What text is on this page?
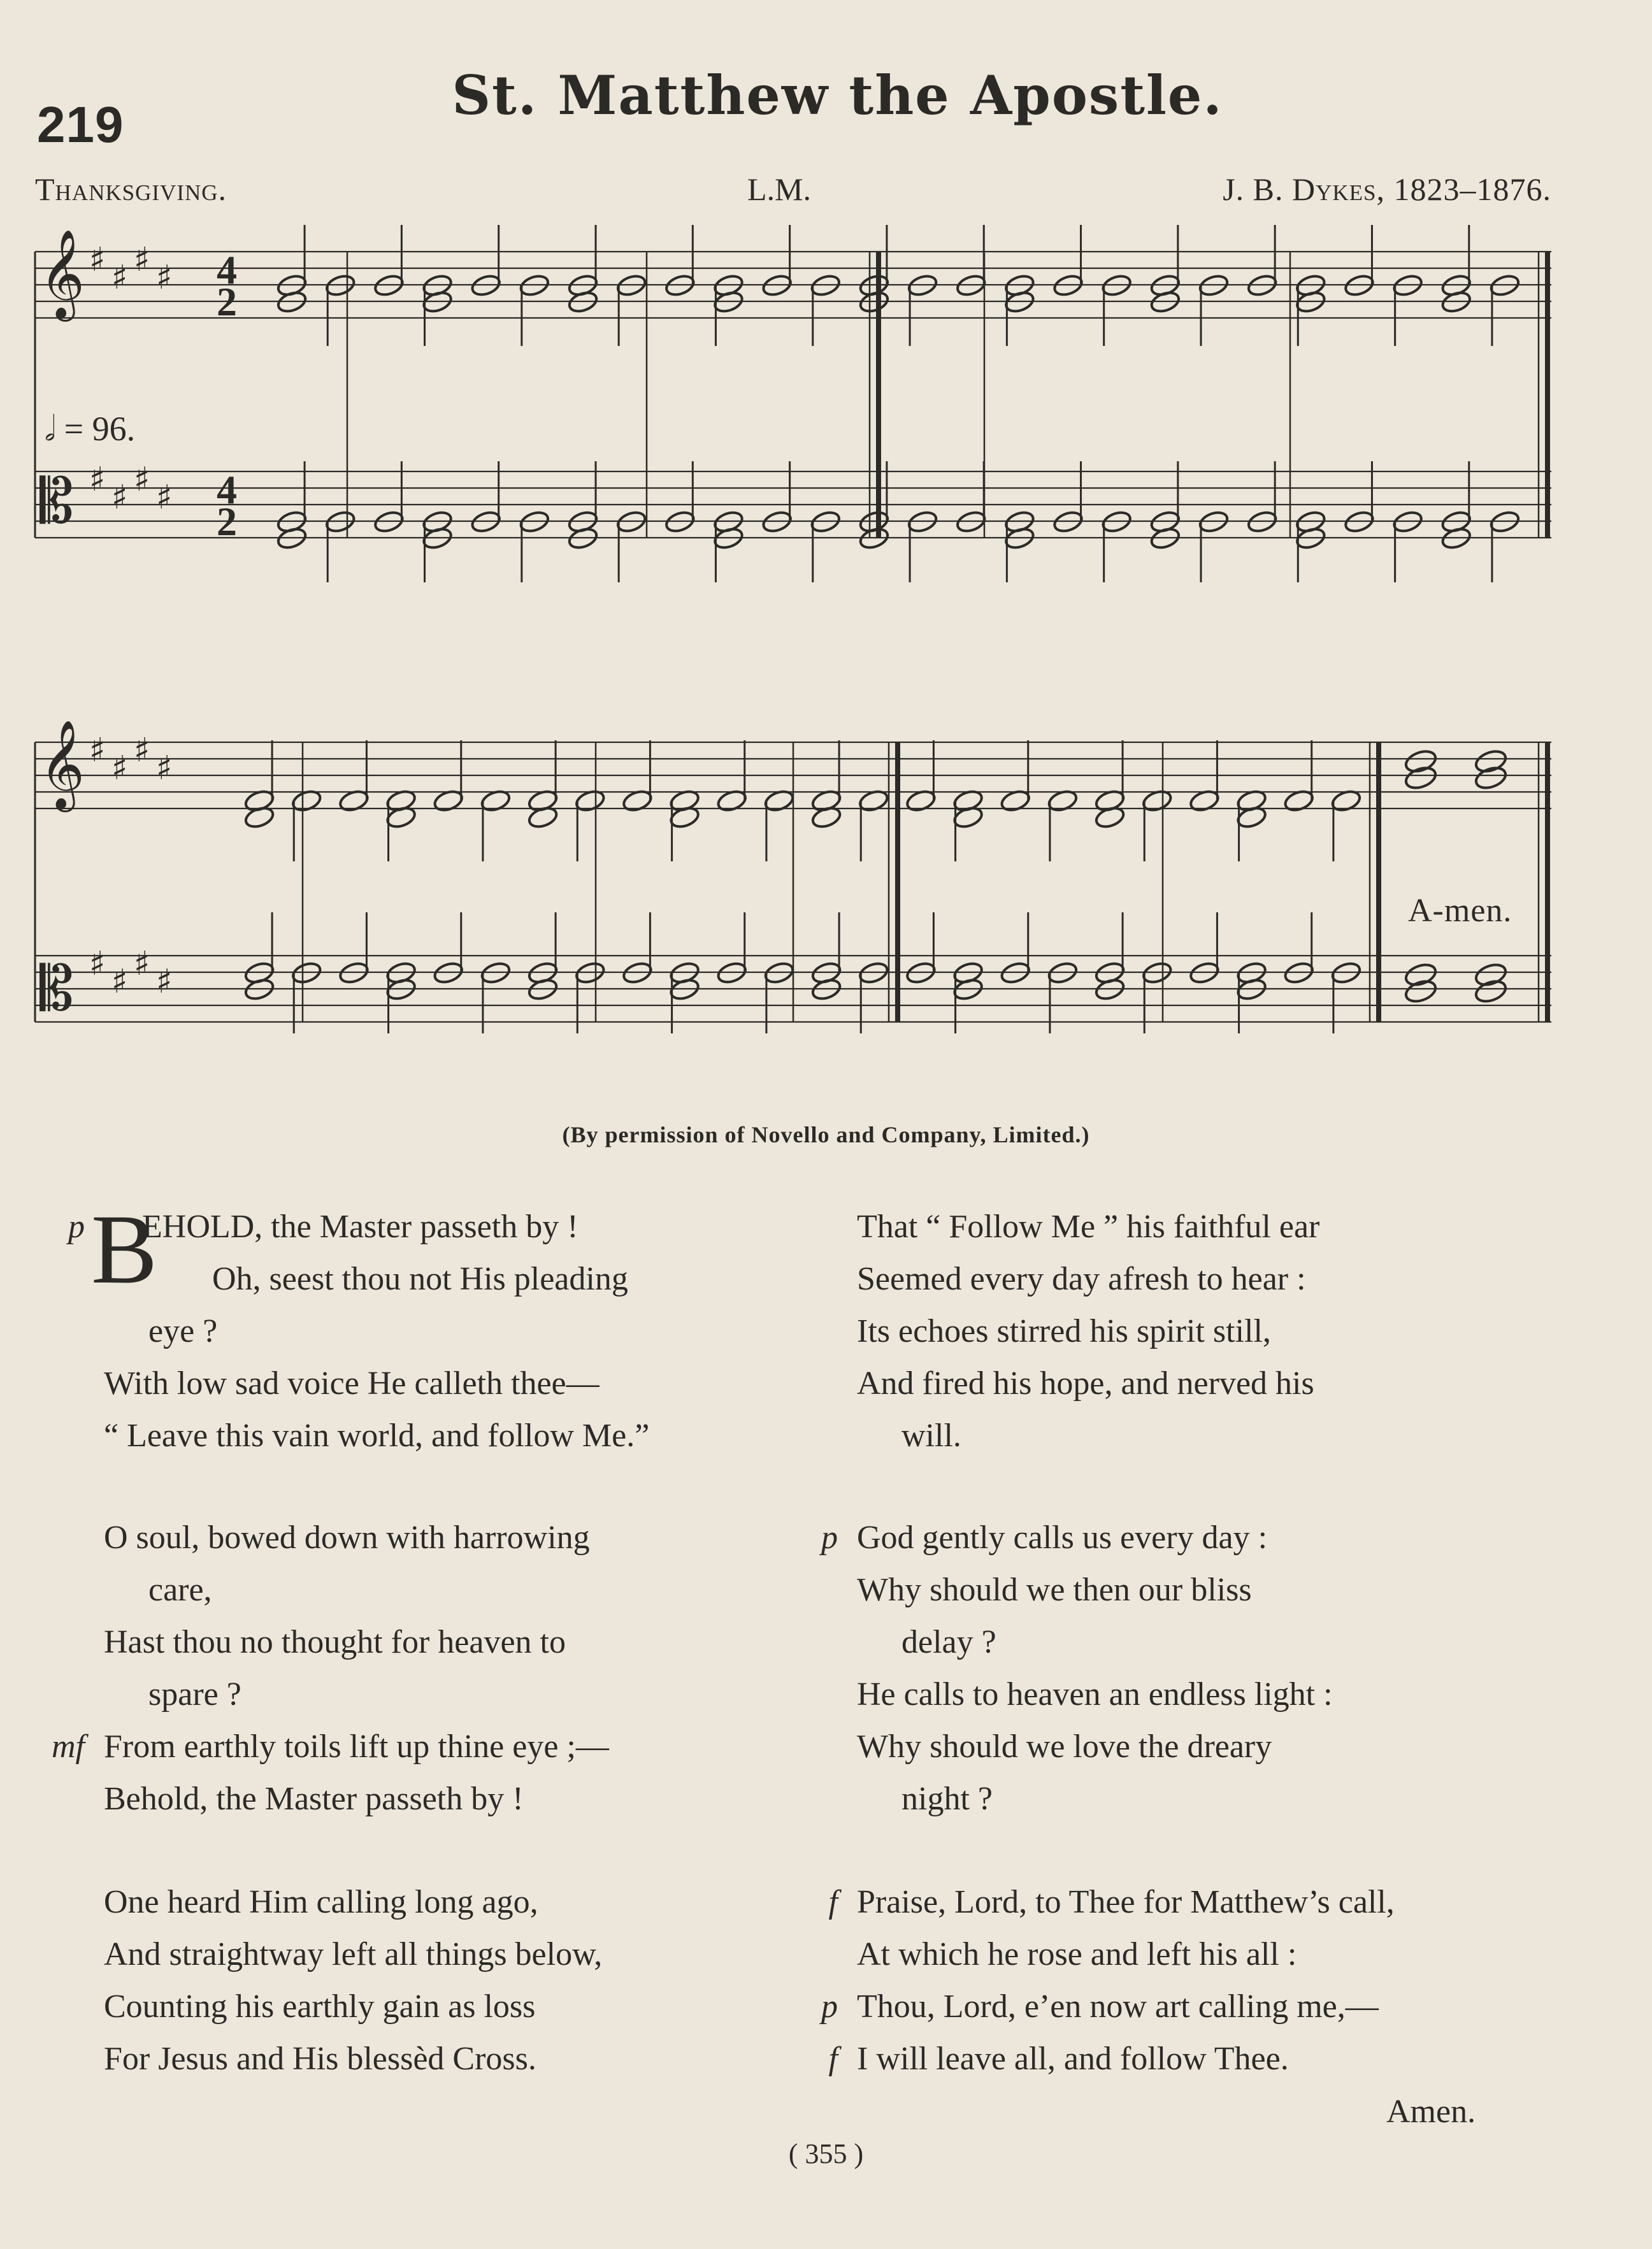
219	St. Matthew the Apostle.
Thanksgiving.	L.M.	J. B. Dykes, 1823–1876.
𝅗𝅥 = 96.
𝄞
𝄞
𝄡
𝄡
♯ ♯ ♯ ♯
♯ ♯ ♯ ♯
♯ ♯ ♯ ♯
♯ ♯ ♯ ♯
4
2
4
2
A-men.
(By permission of Novello and Company, Limited.)
B
p EHOLD, the Master passeth by !
Oh, seest thou not His pleading
eye ?
With low sad voice He calleth thee—
“ Leave this vain world, and follow Me.”
O soul, bowed down with harrowing
care,
Hast thou no thought for heaven to
spare ?
mf From earthly toils lift up thine eye ;—
Behold, the Master passeth by !
One heard Him calling long ago,
And straightway left all things below,
Counting his earthly gain as loss
For Jesus and His blessèd Cross.
That “ Follow Me ” his faithful ear
Seemed every day afresh to hear :
Its echoes stirred his spirit still,
And fired his hope, and nerved his
will.
p God gently calls us every day :
Why should we then our bliss
delay ?
He calls to heaven an endless light :
Why should we love the dreary
night ?
f Praise, Lord, to Thee for Matthew’s call,
At which he rose and left his all :
p Thou, Lord, e’en now art calling me,—
f I will leave all, and follow Thee.
Amen.
( 355 )
